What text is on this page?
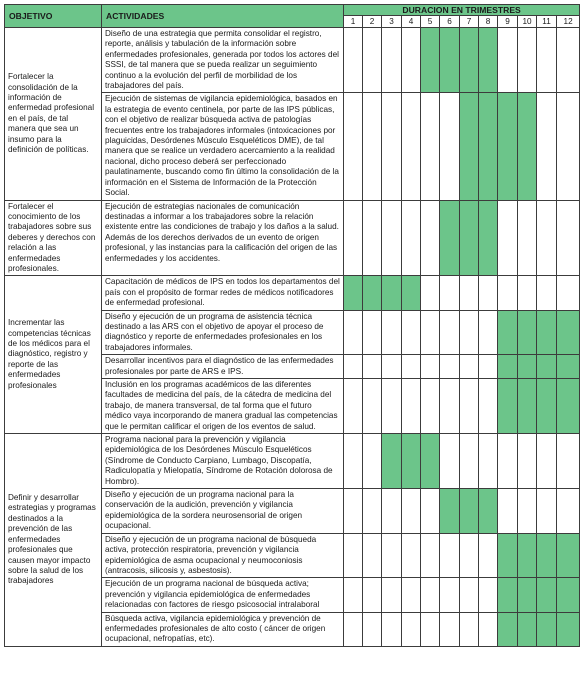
OBJETIVO	ACTIVIDADES	DURACION EN TRIMESTRES											
		1	2	3	4	5	6	7	8	9	10	11	12
Fortalecer la consolidación de la información de enfermedad profesional en el país, de tal manera que sea un insumo para la definición de políticas.	Diseño de una estrategia que permita consolidar el registro, reporte, análisis y tabulación de la información sobre enfermedades profesionales, generada por todos los actores del SSSI, de tal manera que se pueda realizar un seguimiento continuo a la evolución del perfil de morbilidad de los trabajadores del país.												
	Ejecución de sistemas de vigilancia epidemiológica, basados en la estrategia de evento centinela, por parte de las IPS públicas, con el objetivo de realizar búsqueda activa de patologías frecuentes entre los trabajadores informales (intoxicaciones por plaguicidas, Desórdenes Músculo Esqueléticos DME), de tal manera que se realice un verdadero acercamiento a la realidad nacional, dicho proceso deberá ser perfeccionado paulatinamente, buscando como fin último la consolidación de la información en el Sistema de Información de la Protección Social.												
Fortalecer el conocimiento de los trabajadores sobre sus deberes y derechos con relación a las enfermedades profesionales.	Ejecución de estrategias nacionales de comunicación destinadas a informar a los trabajadores sobre la relación existente entre las condiciones de trabajo y los daños a la salud. Además de los derechos derivados de un evento de origen profesional, y las instancias para la calificación del origen de las enfermedades y los accidentes.												
Incrementar las competencias técnicas de los médicos para el diagnóstico, registro y reporte de las enfermedades profesionales	Capacitación de médicos de IPS en todos los departamentos del país con el propósito de formar redes de médicos notificadores de enfermedad profesional.												
	Diseño y ejecución de un programa de asistencia técnica destinado a las ARS con el objetivo de apoyar el proceso de diagnóstico y reporte de enfermedades profesionales en los trabajadores informales.												
	Desarrollar incentivos para el diagnóstico de las enfermedades profesionales por parte de ARS e IPS.												
	Inclusión en los programas académicos de las diferentes facultades de medicina del país, de la cátedra de medicina del trabajo, de manera transversal, de tal forma que el futuro médico vaya incorporando de manera gradual las competencias que le permitan calificar el origen de los eventos de salud.												
Definir y desarrollar estrategias y programas destinados a la prevención de las enfermedades profesionales que causen mayor impacto sobre la salud de los trabajadores	Programa nacional para la prevención y vigilancia epidemiológica de los Desórdenes Músculo Esqueléticos (Síndrome de Conducto Carpiano, Lumbago, Discopatía, Radiculopatía y Mielopatía, Síndrome de Rotación dolorosa de Hombro).												
	Diseño y ejecución de un programa nacional para la conservación de la audición, prevención y vigilancia epidemiológica de la sordera neurosensorial de origen ocupacional.												
	Diseño y ejecución de un programa nacional de búsqueda activa, protección respiratoria, prevención y vigilancia epidemiológica de asma ocupacional y neumoconiosis (antracosis, silicosis y, asbestosis).												
	Ejecución de un programa nacional de búsqueda activa; prevención y vigilancia epidemiológica de enfermedades relacionadas con factores de riesgo psicosocial intralaboral												
	Búsqueda activa, vigilancia epidemiológica y prevención de enfermedades profesionales de alto costo ( cáncer de origen ocupacional, nefropatías, etc).												
